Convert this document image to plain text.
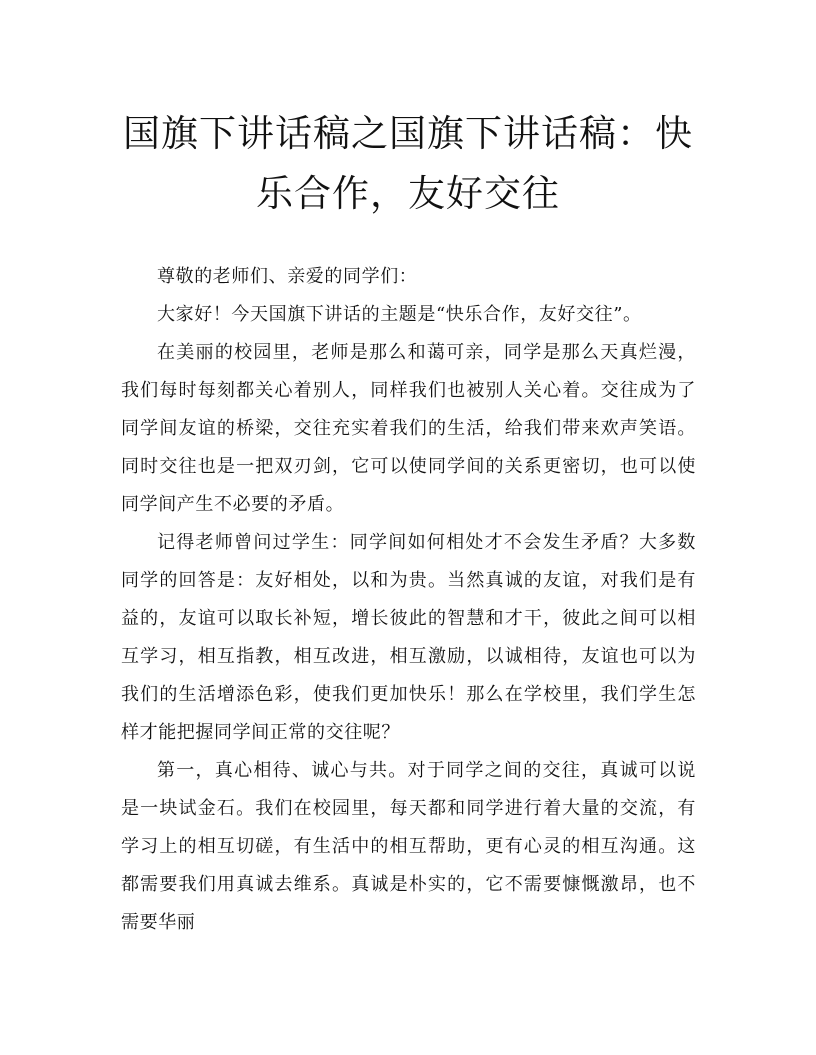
国旗下讲话稿之国旗下讲话稿：快乐合作，友好交往

尊敬的老师们、亲爱的同学们：

大家好！今天国旗下讲话的主题是“快乐合作，友好交往”。

在美丽的校园里，老师是那么和蔼可亲，同学是那么天真烂漫，我们每时每刻都关心着别人，同样我们也被别人关心着。交往成为了同学间友谊的桥梁，交往充实着我们的生活，给我们带来欢声笑语。同时交往也是一把双刃剑，它可以使同学间的关系更密切，也可以使同学间产生不必要的矛盾。

记得老师曾问过学生：同学间如何相处才不会发生矛盾？大多数同学的回答是：友好相处，以和为贵。当然真诚的友谊，对我们是有益的，友谊可以取长补短，增长彼此的智慧和才干，彼此之间可以相互学习，相互指教，相互改进，相互激励，以诚相待，友谊也可以为我们的生活增添色彩，使我们更加快乐！那么在学校里，我们学生怎样才能把握同学间正常的交往呢？

第一，真心相待、诚心与共。对于同学之间的交往，真诚可以说是一块试金石。我们在校园里，每天都和同学进行着大量的交流，有学习上的相互切磋，有生活中的相互帮助，更有心灵的相互沟通。这都需要我们用真诚去维系。真诚是朴实的，它不需要慷慨激昂，也不需要华丽
